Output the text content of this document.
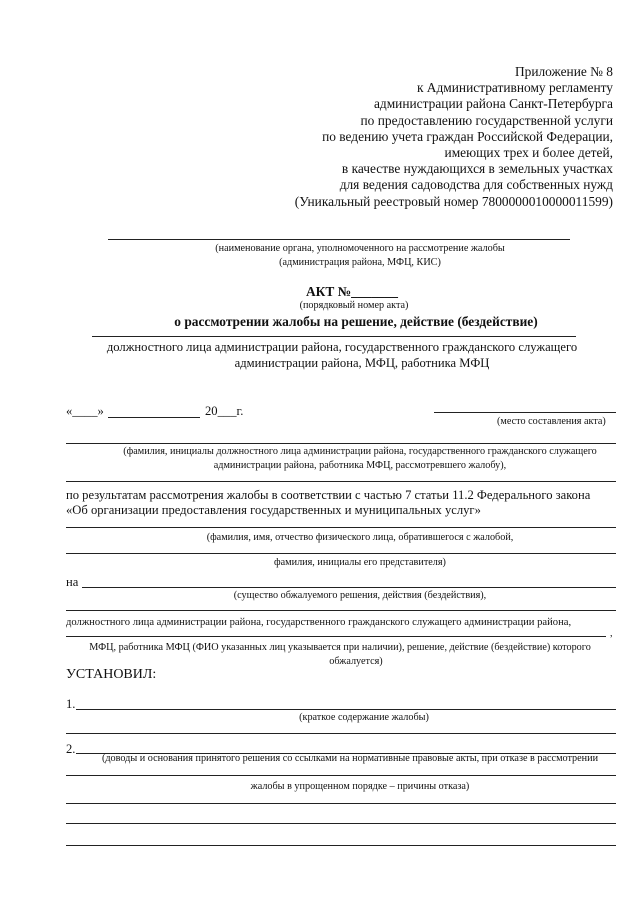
Приложение № 8
к Административному регламенту
администрации района Санкт-Петербурга
по предоставлению государственной услуги
по ведению учета граждан Российской Федерации,
имеющих трех и более детей,
в качестве нуждающихся в земельных участках
для ведения садоводства для собственных нужд
(Уникальный реестровый номер 7800000010000011599)
(наименование органа, уполномоченного на рассмотрение жалобы
(администрация района, МФЦ, КИС)
АКТ №_______
(порядковый номер акта)
о рассмотрении жалобы на решение, действие (бездействие)
должностного лица администрации района, государственного гражданского служащего
администрации района, МФЦ, работника МФЦ
«____»	20___г.
(место составления акта)
(фамилия, инициалы должностного лица администрации района, государственного гражданского служащего
администрации района, работника МФЦ, рассмотревшего жалобу),
по результатам рассмотрения жалобы в соответствии с частью 7 статьи 11.2 Федерального закона
«Об организации предоставления государственных и муниципальных услуг»
(фамилия, имя, отчество физического лица, обратившегося с жалобой,
фамилия, инициалы его представителя)
на
(существо обжалуемого решения, действия (бездействия),
должностного лица администрации района, государственного гражданского служащего администрации района,
,
МФЦ, работника МФЦ (ФИО указанных лиц указывается при наличии), решение, действие (бездействие) которого
обжалуется)
УСТАНОВИЛ:
1.
(краткое содержание жалобы)
2.
(доводы и основания принятого решения со ссылками на нормативные правовые акты, при отказе в рассмотрении
жалобы в упрощенном порядке – причины отказа)
